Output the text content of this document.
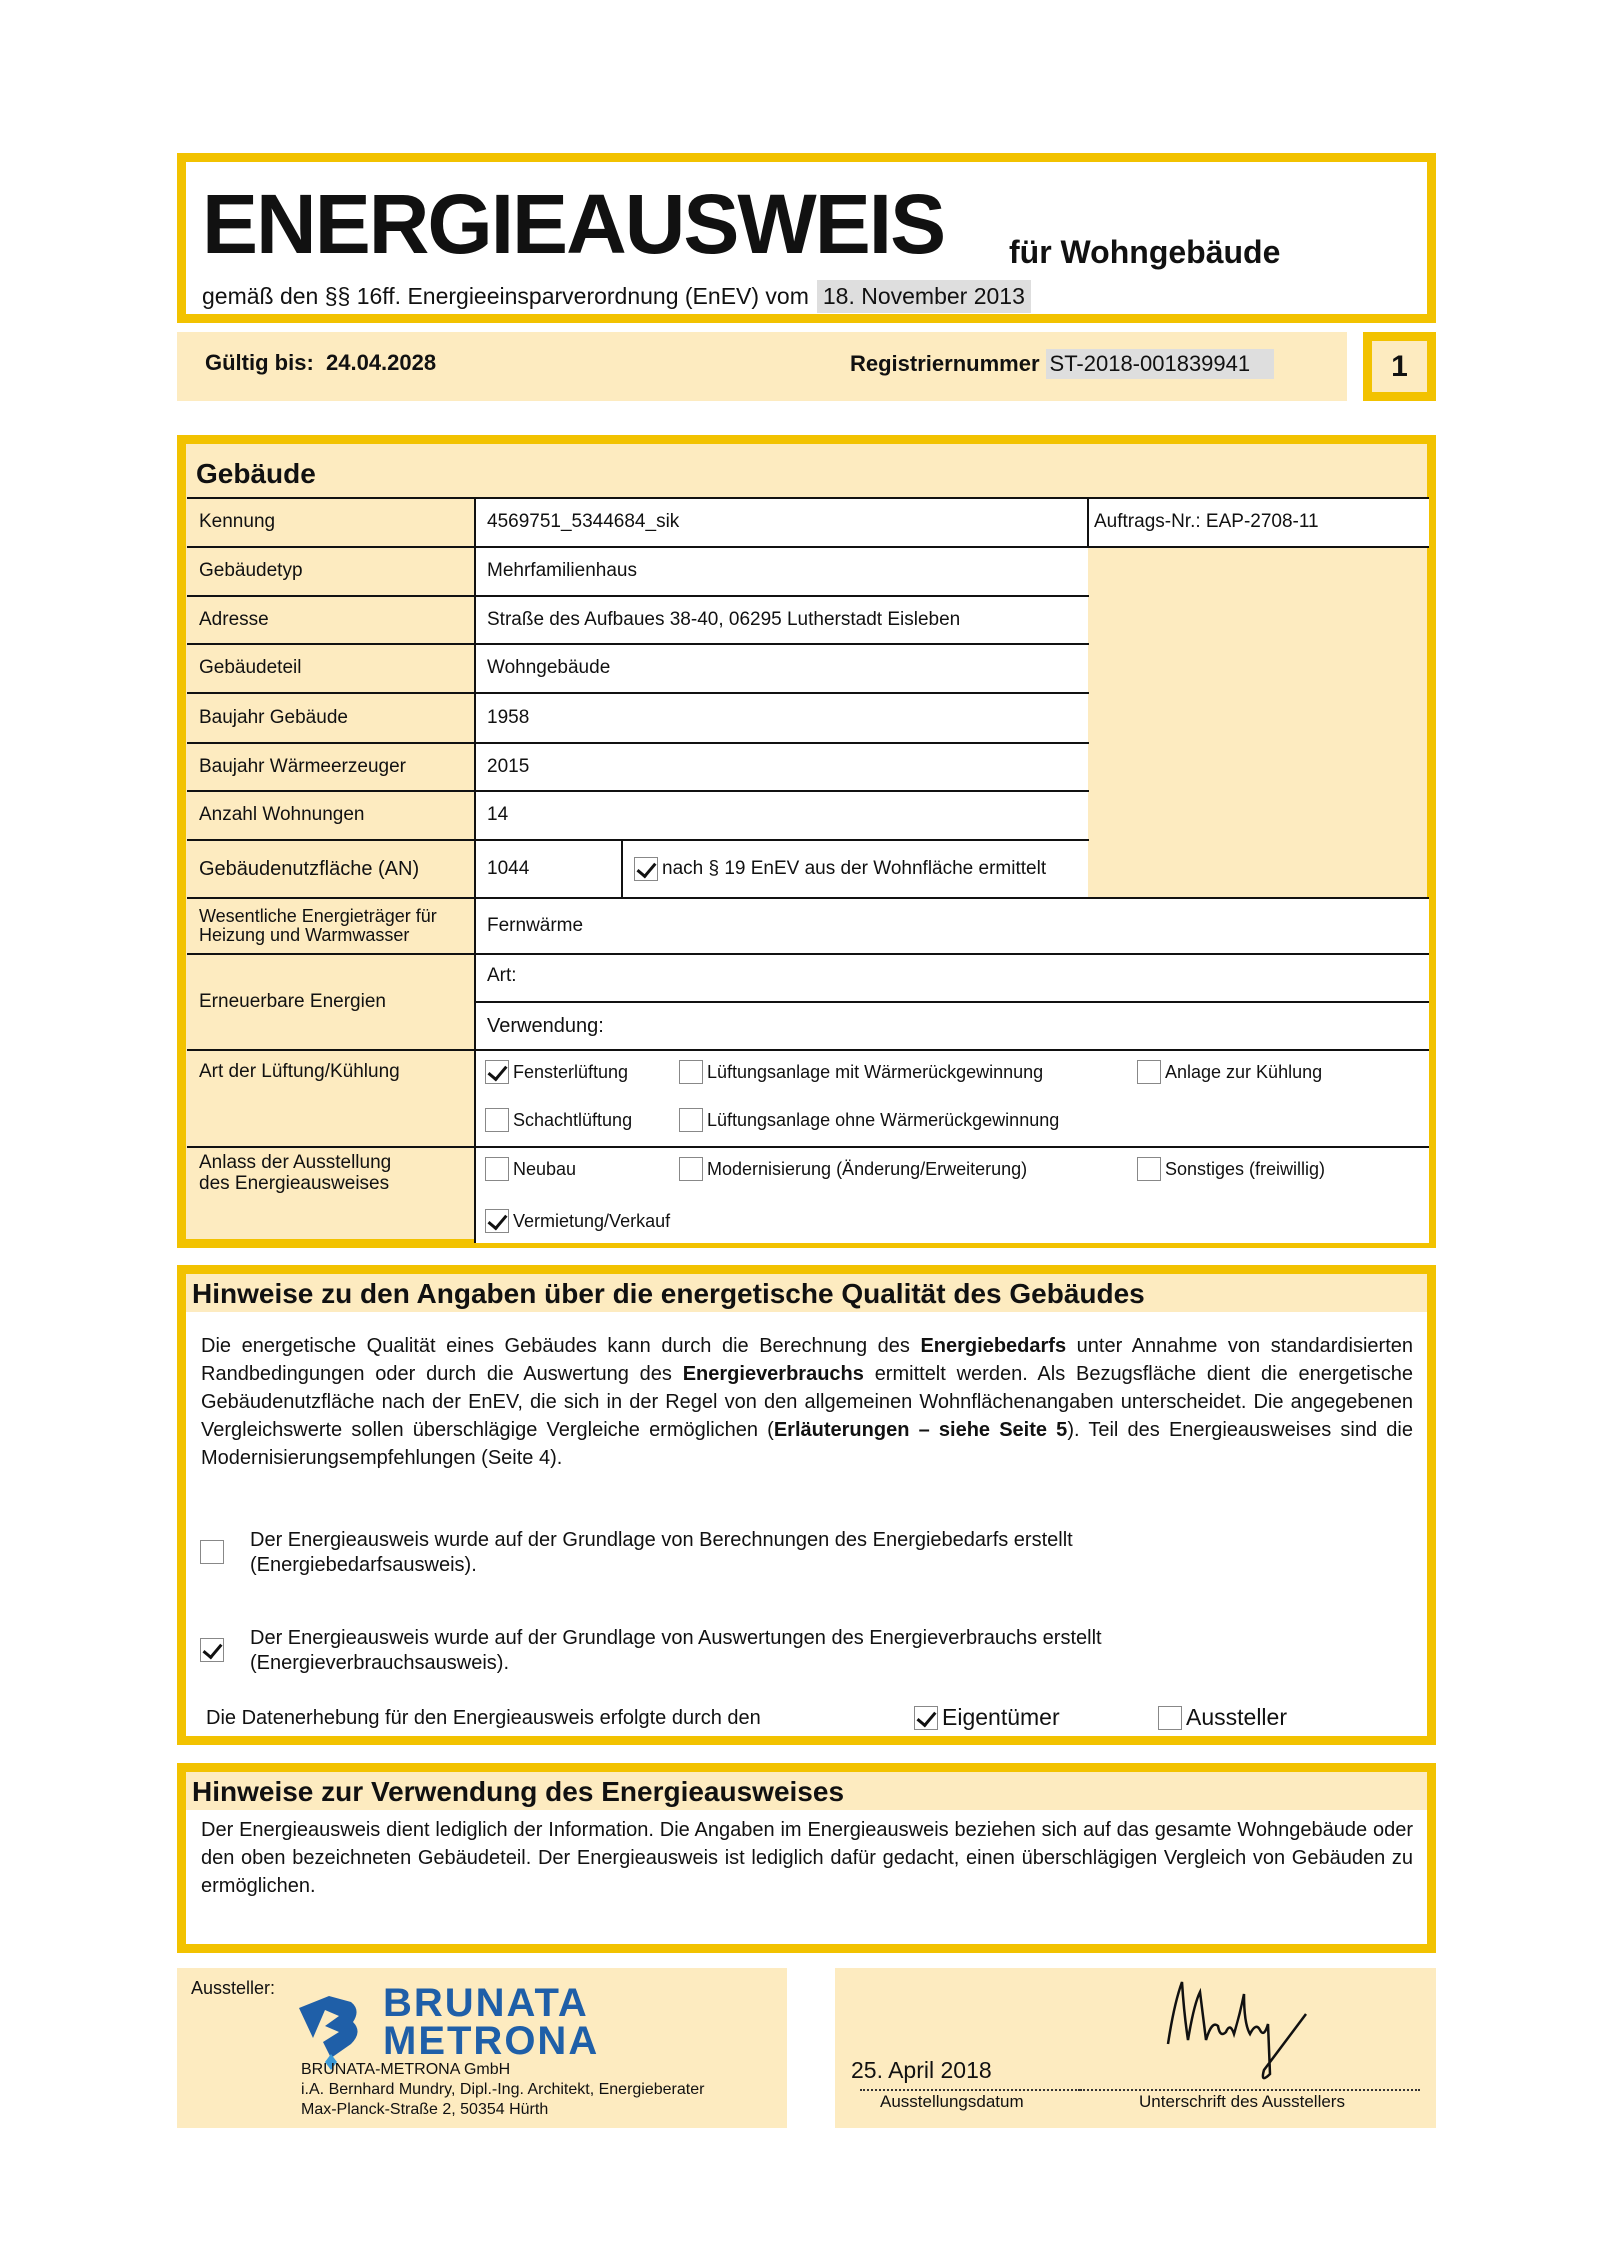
ENERGIEAUSWEIS für Wohngebäude
gemäß den §§ 16ff. Energieeinsparverordnung (EnEV) vom 18. November 2013
Gültig bis: 24.04.2028	Registriernummer ST-2018-001839941	1
Gebäude
Kennung	4569751_5344684_sik	Auftrags-Nr.: EAP-2708-11
Gebäudetyp	Mehrfamilienhaus
Adresse	Straße des Aufbaues 38-40, 06295 Lutherstadt Eisleben
Gebäudeteil	Wohngebäude
Baujahr Gebäude	1958
Baujahr Wärmeerzeuger	2015
Anzahl Wohnungen	14
Gebäudenutzfläche (AN)	1044	nach § 19 EnEV aus der Wohnfläche ermittelt
Wesentliche Energieträger für Heizung und Warmwasser	Fernwärme
Erneuerbare Energien
Art:
Verwendung:
Art der Lüftung/Kühlung	Fensterlüftung	Lüftungsanlage mit Wärmerückgewinnung	Anlage zur Kühlung
Schachtlüftung	Lüftungsanlage ohne Wärmerückgewinnung
Anlass der Ausstellung des Energieausweises
Neubau	Modernisierung (Änderung/Erweiterung)	Sonstiges (freiwillig)
Vermietung/Verkauf
Hinweise zu den Angaben über die energetische Qualität des Gebäudes
Die energetische Qualität eines Gebäudes kann durch die Berechnung des Energiebedarfs unter Annahme von standardisierten Randbedingungen oder durch die Auswertung des Energieverbrauchs ermittelt werden. Als Bezugsfläche dient die energetische Gebäudenutzfläche nach der EnEV, die sich in der Regel von den allgemeinen Wohnflächenangaben unterscheidet. Die angegebenen Vergleichswerte sollen überschlägige Vergleiche ermöglichen (Erläuterungen – siehe Seite 5). Teil des Energieausweises sind die Modernisierungsempfehlungen (Seite 4).
Der Energieausweis wurde auf der Grundlage von Berechnungen des Energiebedarfs erstellt (Energiebedarfsausweis).
Der Energieausweis wurde auf der Grundlage von Auswertungen des Energieverbrauchs erstellt (Energieverbrauchsausweis).
Die Datenerhebung für den Energieausweis erfolgte durch den	Eigentümer	Aussteller
Hinweise zur Verwendung des Energieausweises
Der Energieausweis dient lediglich der Information. Die Angaben im Energieausweis beziehen sich auf das gesamte Wohngebäude oder den oben bezeichneten Gebäudeteil. Der Energieausweis ist lediglich dafür gedacht, einen überschlägigen Vergleich von Gebäuden zu ermöglichen.
Aussteller:	BRUNATA
METRONA
BRUNATA-METRONA GmbH
i.A. Bernhard Mundry, Dipl.-Ing. Architekt, Energieberater
Max-Planck-Straße 2, 50354 Hürth
25. April 2018
Ausstellungsdatum	Unterschrift des Ausstellers
